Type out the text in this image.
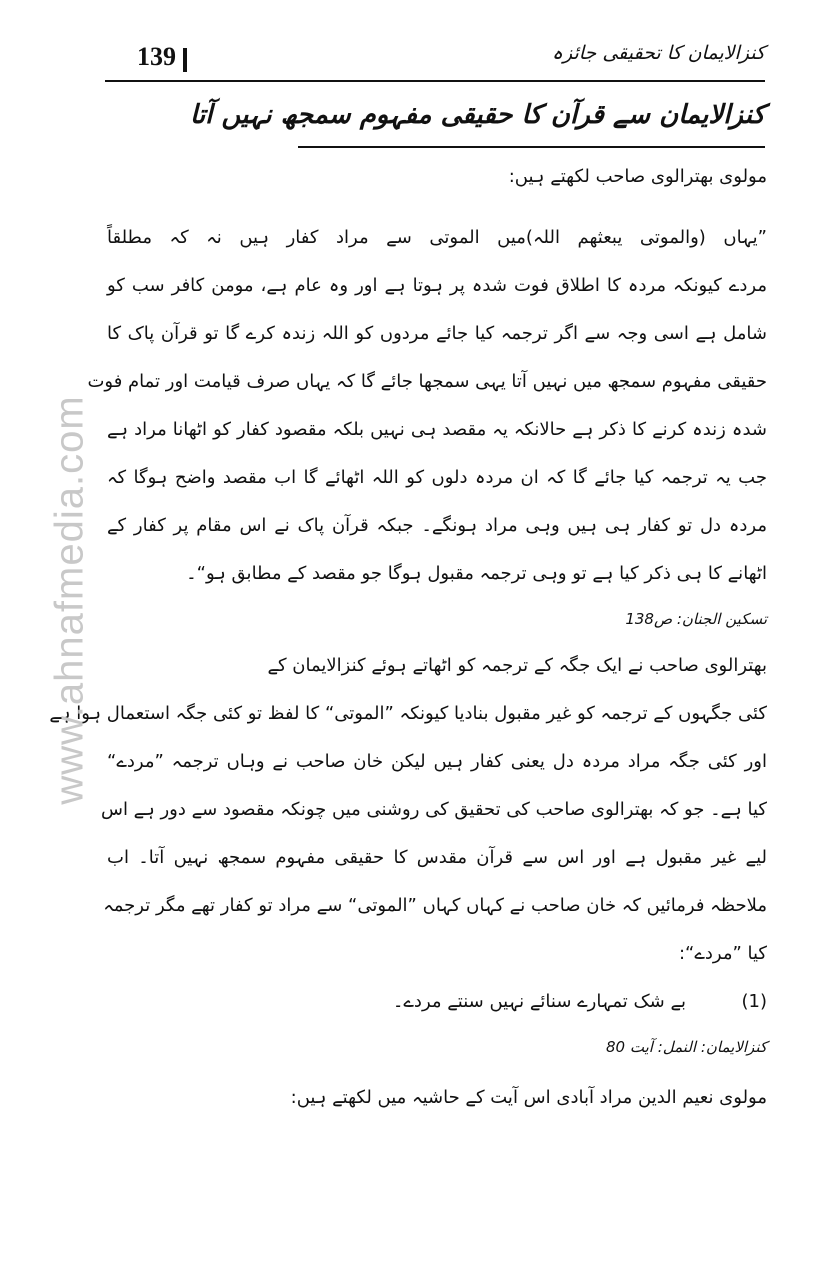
139	کنزالایمان کا تحقیقی جائزہ
کنزالایمان سے قرآن کا حقیقی مفہوم سمجھ نہیں آتا
مولوی بھترالوی صاحب لکھتے ہیں:
”یہاں (والموتی یبعثھم اللہ)میں الموتی سے مراد کفار ہیں نہ کہ مطلقاً
مردے کیونکہ مردہ کا اطلاق فوت شدہ پر ہوتا ہے اور وہ عام ہے، مومن کافر سب کو
شامل ہے اسی وجہ سے اگر ترجمہ کیا جائے مردوں کو اللہ زندہ کرے گا تو قرآن پاک کا
حقیقی مفہوم سمجھ میں نہیں آتا یہی سمجھا جائے گا کہ یہاں صرف قیامت اور تمام فوت
شدہ زندہ کرنے کا ذکر ہے حالانکہ یہ مقصد ہی نہیں بلکہ مقصود کفار کو اٹھانا مراد ہے
جب یہ ترجمہ کیا جائے گا کہ ان مردہ دلوں کو اللہ اٹھائے گا اب مقصد واضح ہوگا کہ
مردہ دل تو کفار ہی ہیں وہی مراد ہونگے۔ جبکہ قرآن پاک نے اس مقام پر کفار کے
اٹھانے کا ہی ذکر کیا ہے تو وہی ترجمہ مقبول ہوگا جو مقصد کے مطابق ہو“۔
تسکین الجنان: ص138
بھترالوی صاحب نے ایک جگہ کے ترجمہ کو اٹھاتے ہوئے کنزالایمان کے
کئی جگہوں کے ترجمہ کو غیر مقبول بنادیا کیونکہ ”الموتی“ کا لفظ تو کئی جگہ استعمال ہوا ہے
اور کئی جگہ مراد مردہ دل یعنی کفار ہیں لیکن خان صاحب نے وہاں ترجمہ ”مردے“
کیا ہے۔ جو کہ بھترالوی صاحب کی تحقیق کی روشنی میں چونکہ مقصود سے دور ہے اس
لیے غیر مقبول ہے اور اس سے قرآن مقدس کا حقیقی مفہوم سمجھ نہیں آتا۔ اب
ملاحظہ فرمائیں کہ خان صاحب نے کہاں کہاں ”الموتی“ سے مراد تو کفار تھے مگر ترجمہ
کیا ”مردے“:
(1)  بے شک تمہارے سنائے نہیں سنتے مردے۔
کنزالایمان: النمل: آیت 80
مولوی نعیم الدین مراد آبادی اس آیت کے حاشیہ میں لکھتے ہیں:
www.ahnafmedia.com
